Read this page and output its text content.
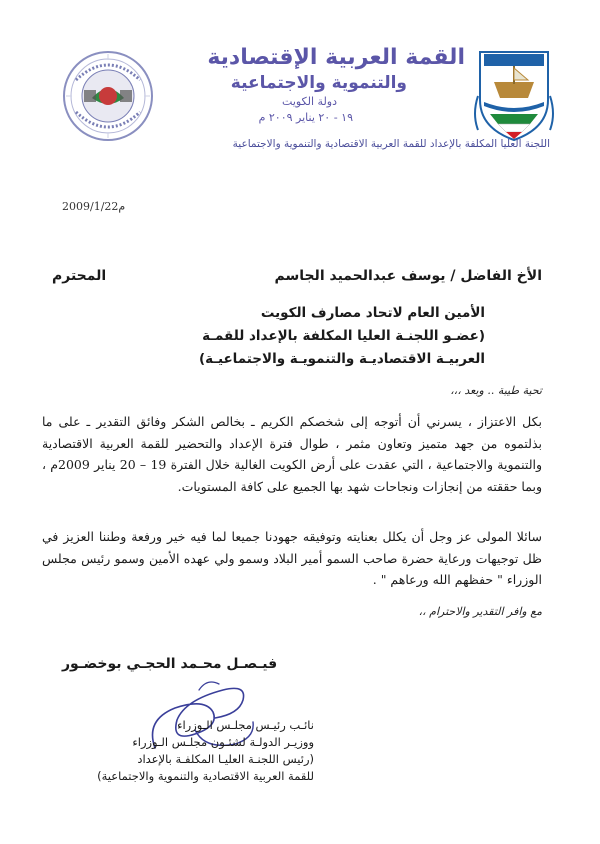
القمة العربية الإقتصادية
والتنموية والاجتماعية
دولة الكويت
١٩ - ٢٠ يناير ٢٠٠٩ م
اللجنة العليا المكلفة بالإعداد للقمة العربية الاقتصادية والتنموية والاجتماعية
2009/1/22م
الأخ الفاضل / يوسف عبدالحميد الجاسم
المحترم
الأمين العام لاتحاد مصارف الكويت
(عضـو اللجنـة العليا المكلفة بالإعداد للقمـة
العربيـة الاقتصاديـة والتنمويـة والاجتماعيـة)
تحية طيبة .. وبعد ،،،
بكل الاعتزاز ، يسرني أن أتوجه إلى شخصكم الكريم ـ بخالص الشكر وفائق التقدير ـ على ما بذلتموه من جهد متميز وتعاون مثمر ، طوال فترة الإعداد والتحضير للقمة العربية الاقتصادية والتنموية والاجتماعية ، التي عقدت على أرض الكويت الغالية خلال الفترة 19 – 20 يناير 2009م ، وبما حققته من إنجازات ونجاحات شهد بها الجميع على كافة المستويات.
سائلا المولى عز وجل أن يكلل بعنايته وتوفيقه جهودنا جميعا لما فيه خير ورفعة وطننا العزيز في ظل توجيهات ورعاية حضرة صاحب السمو أمير البلاد وسمو ولي عهده الأمين وسمو رئيس مجلس الوزراء " حفظهم الله ورعاهم " .
مع وافر التقدير والاحترام ،،
فيـصـل محـمد الحجـي بوخضـور
نائـب رئيـس مجلـس الـوزراء
ووزيـر الدولـة لشئـون مجلـس الـوزراء
(رئيس اللجنـة العليـا المكلفـة بالإعداد
للقمة العربية الاقتصادية والتنموية والاجتماعية)
